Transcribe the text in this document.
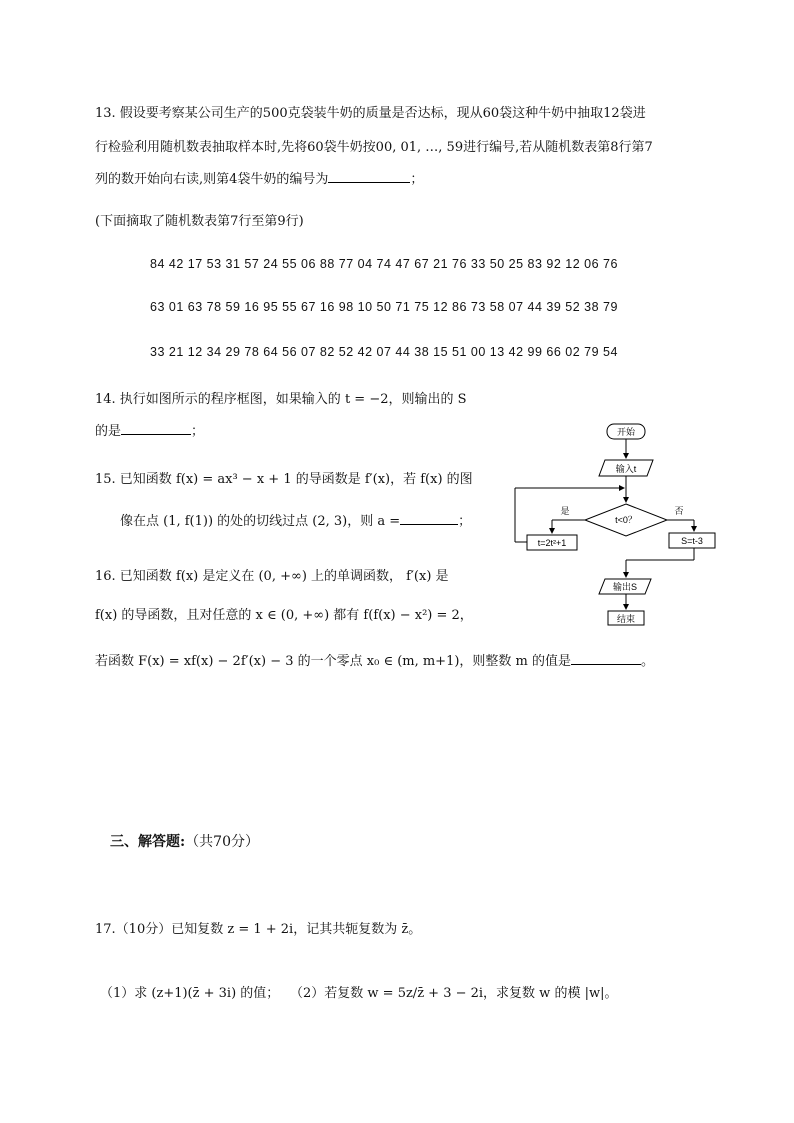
13. 假设要考察某公司生产的500克袋装牛奶的质量是否达标，现从60袋这种牛奶中抽取12袋进
行检验利用随机数表抽取样本时,先将60袋牛奶按00, 01, …, 59进行编号,若从随机数表第8行第7
列的数开始向右读,则第4袋牛奶的编号为	；
(下面摘取了随机数表第7行至第9行)
84 42 17 53 31 57 24 55 06 88 77 04 74 47 67 21 76 33 50 25 83 92 12 06 76
63 01 63 78 59 16 95 55 67 16 98 10 50 71 75 12 86 73 58 07 44 39 52 38 79
33 21 12 34 29 78 64 56 07 82 52 42 07 44 38 15 51 00 13 42 99 66 02 79 54
14. 执行如图所示的程序框图，如果输入的 t = −2，则输出的 S
的是	；
15. 已知函数 f(x) = ax³ − x + 1 的导函数是 f′(x)，若 f(x) 的图
像在点 (1, f(1)) 的处的切线过点 (2, 3)，则 a =	；
16. 已知函数 f(x) 是定义在 (0, +∞) 上的单调函数， f′(x) 是
f(x) 的导函数，且对任意的 x ∈ (0, +∞) 都有 f(f(x) − x²) = 2，
若函数 F(x) = xf(x) − 2f′(x) − 3 的一个零点 x₀ ∈ (m, m+1)，则整数 m 的值是	。
三、解答题:（共70分）
17.（10分）已知复数 z = 1 + 2i，记其共轭复数为 z̄。
（1）求 (z+1)(z̄ + 3i) 的值； （2）若复数 w = 5z/z̄ + 3 − 2i，求复数 w 的模 |w|。
开始
输入t
t<0？
是	否
t=2t²+1	S=t-3
输出S
结束
